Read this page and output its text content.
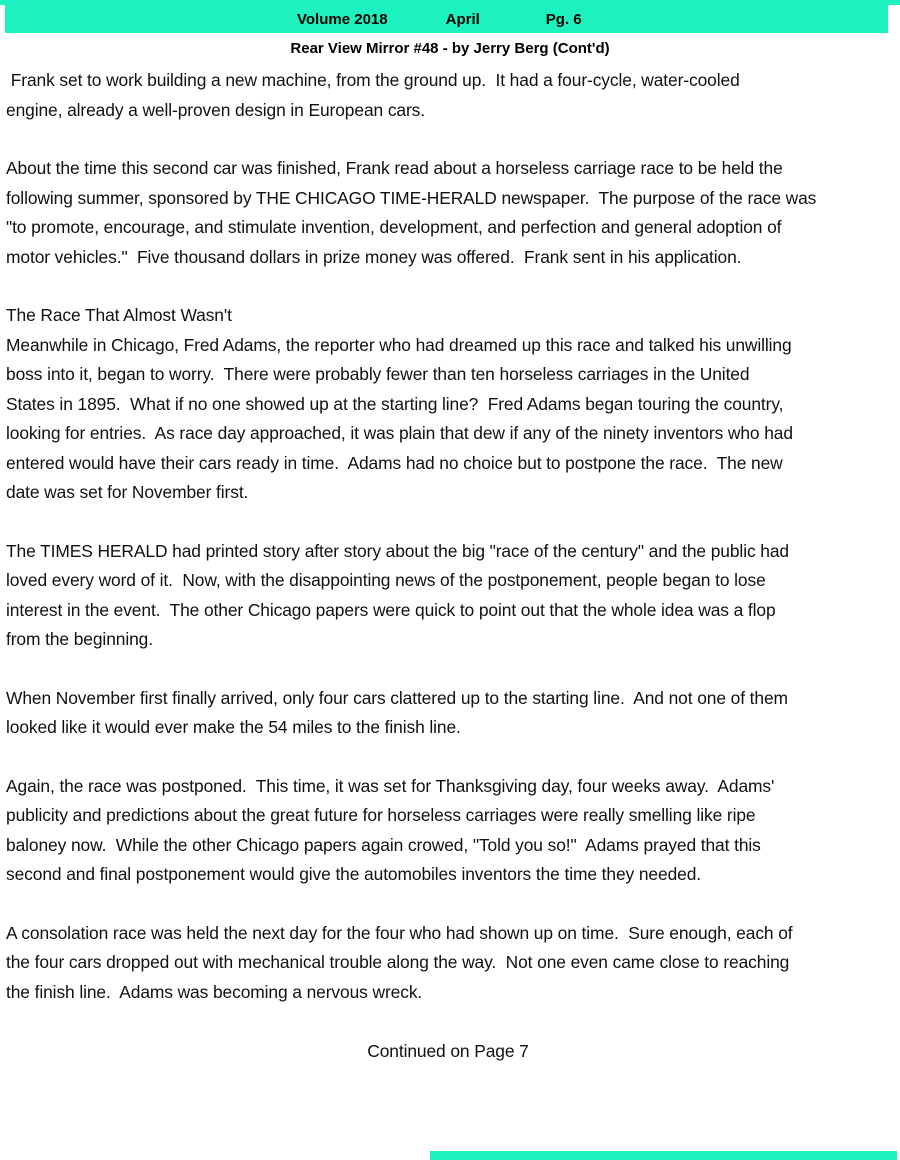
Volume 2018	April	Pg. 6
Rear View Mirror #48 - by Jerry Berg (Cont'd)
Frank set to work building a new machine, from the ground up.  It had a four-cycle, water-cooled
engine, already a well-proven design in European cars.
About the time this second car was finished, Frank read about a horseless carriage race to be held the
following summer, sponsored by THE CHICAGO TIME-HERALD newspaper.  The purpose of the race was
"to promote, encourage, and stimulate invention, development, and perfection and general adoption of
motor vehicles."  Five thousand dollars in prize money was offered.  Frank sent in his application.
The Race That Almost Wasn't
Meanwhile in Chicago, Fred Adams, the reporter who had dreamed up this race and talked his unwilling
boss into it, began to worry.  There were probably fewer than ten horseless carriages in the United
States in 1895.  What if no one showed up at the starting line?  Fred Adams began touring the country,
looking for entries.  As race day approached, it was plain that dew if any of the ninety inventors who had
entered would have their cars ready in time.  Adams had no choice but to postpone the race.  The new
date was set for November first.
The TIMES HERALD had printed story after story about the big "race of the century" and the public had
loved every word of it.  Now, with the disappointing news of the postponement, people began to lose
interest in the event.  The other Chicago papers were quick to point out that the whole idea was a flop
from the beginning.
When November first finally arrived, only four cars clattered up to the starting line.  And not one of them
looked like it would ever make the 54 miles to the finish line.
Again, the race was postponed.  This time, it was set for Thanksgiving day, four weeks away.  Adams'
publicity and predictions about the great future for horseless carriages were really smelling like ripe
baloney now.  While the other Chicago papers again crowed, "Told you so!"  Adams prayed that this
second and final postponement would give the automobiles inventors the time they needed.
A consolation race was held the next day for the four who had shown up on time.  Sure enough, each of
the four cars dropped out with mechanical trouble along the way.  Not one even came close to reaching
the finish line.  Adams was becoming a nervous wreck.
Continued on Page 7
